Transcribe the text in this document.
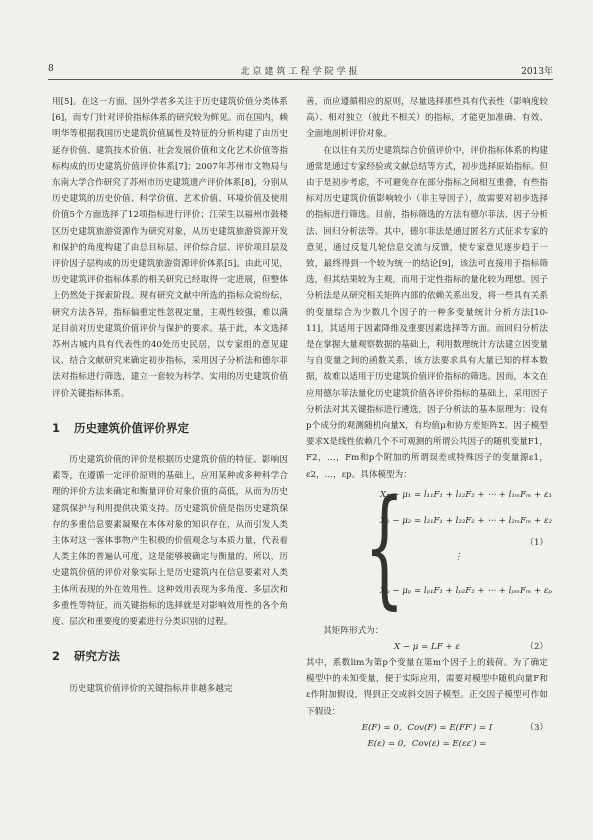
8	北京建筑工程学院学报	2013年

用[5]。在这一方面，国外学者多关注于历史建筑价值分类体系[6]，而专门针对评价指标体系的研究较为鲜见。而在国内，赖明华等根据我国历史建筑价值属性及特征的分析构建了由历史延存价值、建筑技术价值、社会发展价值和文化艺术价值等指标构成的历史建筑价值评价体系[7]；2007年苏州市文物局与东南大学合作研究了苏州市历史建筑遗产评价体系[8]，分别从历史建筑的历史价值、科学价值、艺术价值、环境价值及使用价值5个方面选择了12项指标进行评价；江荣生以福州市鼓楼区历史建筑旅游资源作为研究对象，从历史建筑旅游资源开发和保护的角度构建了由总目标层、评价综合层、评价项目层及评价因子层构成的历史建筑旅游资源评价体系[5]。由此可见，历史建筑评价指标体系的相关研究已经取得一定进展，但整体上仍然处于探索阶段。现有研究文献中所选的指标众说纷纭，研究方法各异，指标偏重定性忽视定量，主观性较强，难以满足目前对历史建筑价值评价与保护的要求。基于此，本文选择苏州古城内具有代表性的40处历史民居，以专家组的意见建议、结合文献研究来确定初步指标，采用因子分析法和德尔菲法对指标进行筛选，建立一套较为科学、实用的历史建筑价值评价关键指标体系。

1 历史建筑价值评价界定

历史建筑价值的评价是根据历史建筑价值的特征、影响因素等，在遵循一定评价原则的基础上，应用某种或多种科学合理的评价方法来确定和衡量评价对象价值的高低，从而为历史建筑保护与利用提供决策支持。历史建筑价值是指历史建筑保存的多重信息要素凝聚在本体对象的知识存在，从而引发人类主体对这一客体事物产生积极的价值观念与本质力量，代表着人类主体的普遍认可度，这是能够被确定与衡量的。所以，历史建筑价值的评价对象实际上是历史建筑内在信息要素对人类主体所表现的外在效用性。这种效用表现为多角度、多层次和多重性等特征，而关键指标的选择就是对影响效用性的各个角度、层次和重要度的要素进行分类识别的过程。

2 研究方法

历史建筑价值评价的关键指标并非越多越完

善，而应遵循相应的原则，尽量选择那些具有代表性（影响度较高）、相对独立（彼此不相关）的指标，才能更加准确、有效、全面地剖析评价对象。

在以往有关历史建筑综合价值评价中，评价指标体系的构建通常是通过专家经验或文献总结等方式，初步选择原始指标。但由于是初步考虑，不可避免存在部分指标之间相互重叠，有些指标对历史建筑价值影响较小（非主导因子），故需要对初步选择的指标进行筛选。目前，指标筛选的方法有德尔菲法、因子分析法、回归分析法等。其中，德尔菲法是通过匿名方式征求专家的意见，通过反复几轮信息交流与反馈，使专家意见逐步趋于一致，最终得到一个较为统一的结论[9]，该法可直接用于指标筛选，但其结果较为主观，而用于定性指标的量化较为理想。因子分析法是从研究相关矩阵内部的依赖关系出发，将一些具有关系的变量综合为少数几个因子的一种多变量统计分析方法[10-11]，其适用于因素降维及重要因素选择等方面。而回归分析法是在掌握大量观察数据的基础上，利用数理统计方法建立因变量与自变量之间的函数关系，该方法要求具有大量已知的样本数据，故难以适用于历史建筑价值评价指标的筛选。因而，本文在应用德尔菲法量化历史建筑价值各评价指标的基础上，采用因子分析法对其关键指标进行遴选，因子分析法的基本原理为：设有p个成分的观测随机向量X，有均值μ和协方差矩阵Σ。因子模型要求X是线性依赖几个不可观测的所谓公共因子的随机变量F1，F2，…，Fm和p个附加的所谓误差或特殊因子的变量源ε1，ε2，…，εp。具体模型为：

{
X₁ − μ₁ = l₁₁F₁ + l₁₂F₂ + ⋯ + l₁ₘFₘ + ε₁
X₂ − μ₂ = l₂₁F₁ + l₂₂F₂ + ⋯ + l₂ₘFₘ + ε₂
⋮
Xₚ − μₚ = lₚ₁F₁ + lₚ₂F₂ + ⋯ + lₚₘFₘ + εₚ
（1）

其矩阵形式为：

X − μ = LF + ε	（2）

其中，系数lim为第p个变量在第m个因子上的载荷。为了确定模型中的未知变量，便于实际应用，需要对模型中随机向量F和ε作附加假设，得到正交或斜交因子模型。正交因子模型可作如下假设：

E(F) = 0，Cov(F) = E(FF′) = I	（3）
E(ε) = 0，Cov(ε) = E(εε′) =
